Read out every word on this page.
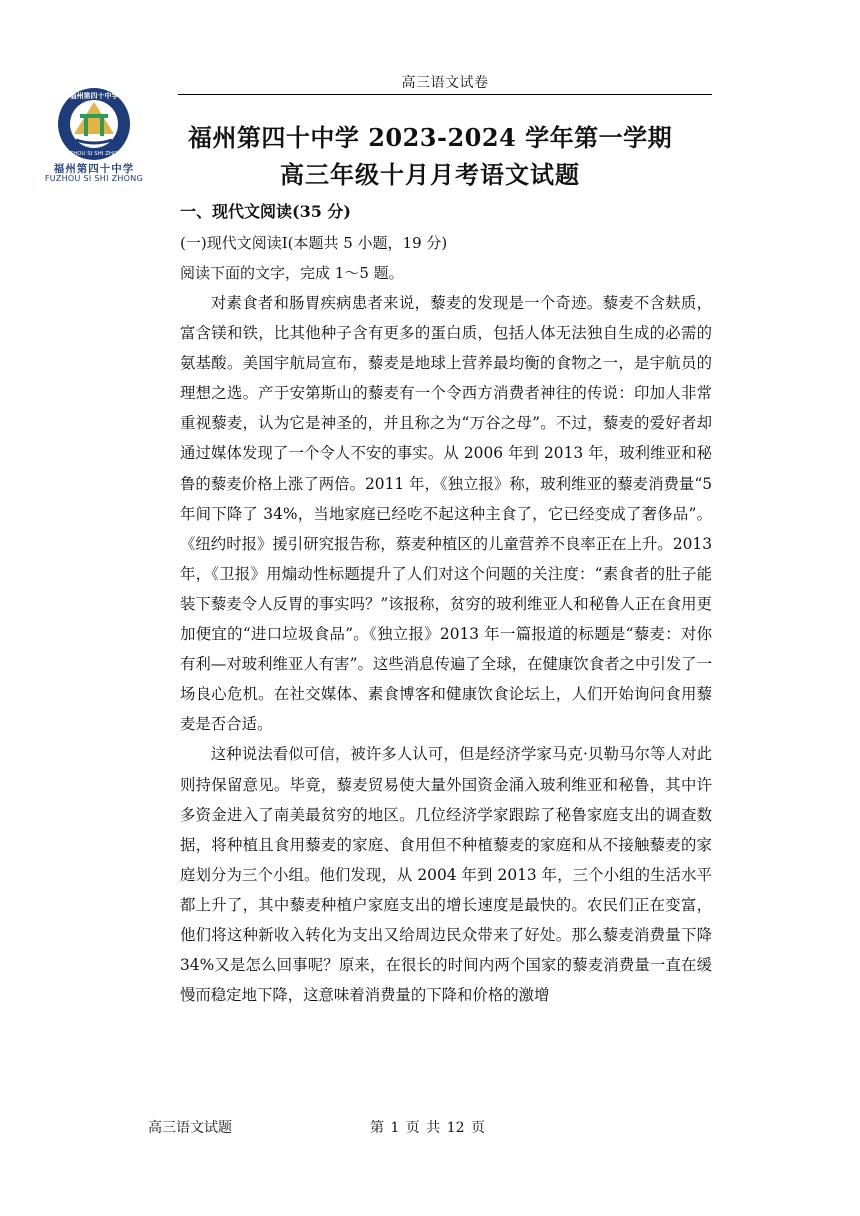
高三语文试卷
福州第四十中学
FUZHOU SI SHI ZHONG
福州第四十中学
FUZHOU SI SHI ZHONG
福州第四十中学 2023-2024 学年第一学期
高三年级十月月考语文试题
一、现代文阅读(35 分)
(一)现代文阅读Ⅰ(本题共 5 小题，19 分)
阅读下面的文字，完成 1～5 题。

对素食者和肠胃疾病患者来说，藜麦的发现是一个奇迹。藜麦不含麸质，富含镁和铁，比其他种子含有更多的蛋白质，包括人体无法独自生成的必需的氨基酸。美国宇航局宣布，藜麦是地球上营养最均衡的食物之一，是宇航员的理想之选。产于安第斯山的藜麦有一个令西方消费者神往的传说：印加人非常重视藜麦，认为它是神圣的，并且称之为“万谷之母”。不过，藜麦的爱好者却通过媒体发现了一个令人不安的事实。从 2006 年到 2013 年，玻利维亚和秘鲁的藜麦价格上涨了两倍。2011 年，《独立报》称，玻利维亚的藜麦消费量“5 年间下降了 34%，当地家庭已经吃不起这种主食了，它已经变成了奢侈品”。《纽约时报》援引研究报告称，蔡麦种植区的儿童营养不良率正在上升。2013 年，《卫报》用煽动性标题提升了人们对这个问题的关注度：“素食者的肚子能装下藜麦令人反胃的事实吗？”该报称，贫穷的玻利维亚人和秘鲁人正在食用更加便宜的“进口垃圾食品”。《独立报》2013 年一篇报道的标题是“藜麦：对你有利—对玻利维亚人有害”。这些消息传遍了全球，在健康饮食者之中引发了一场良心危机。在社交媒体、素食博客和健康饮食论坛上，人们开始询问食用藜麦是否合适。

这种说法看似可信，被许多人认可，但是经济学家马克·贝勒马尔等人对此则持保留意见。毕竟，藜麦贸易使大量外国资金涌入玻利维亚和秘鲁，其中许多资金进入了南美最贫穷的地区。几位经济学家跟踪了秘鲁家庭支出的调查数据，将种植且食用藜麦的家庭、食用但不种植藜麦的家庭和从不接触藜麦的家庭划分为三个小组。他们发现，从 2004 年到 2013 年，三个小组的生活水平都上升了，其中藜麦种植户家庭支出的增长速度是最快的。农民们正在变富，他们将这种新收入转化为支出又给周边民众带来了好处。那么藜麦消费量下降 34%又是怎么回事呢？原来，在很长的时间内两个国家的藜麦消费量一直在缓慢而稳定地下降，这意味着消费量的下降和价格的激增

高三语文试题	第 1 页 共 12 页
